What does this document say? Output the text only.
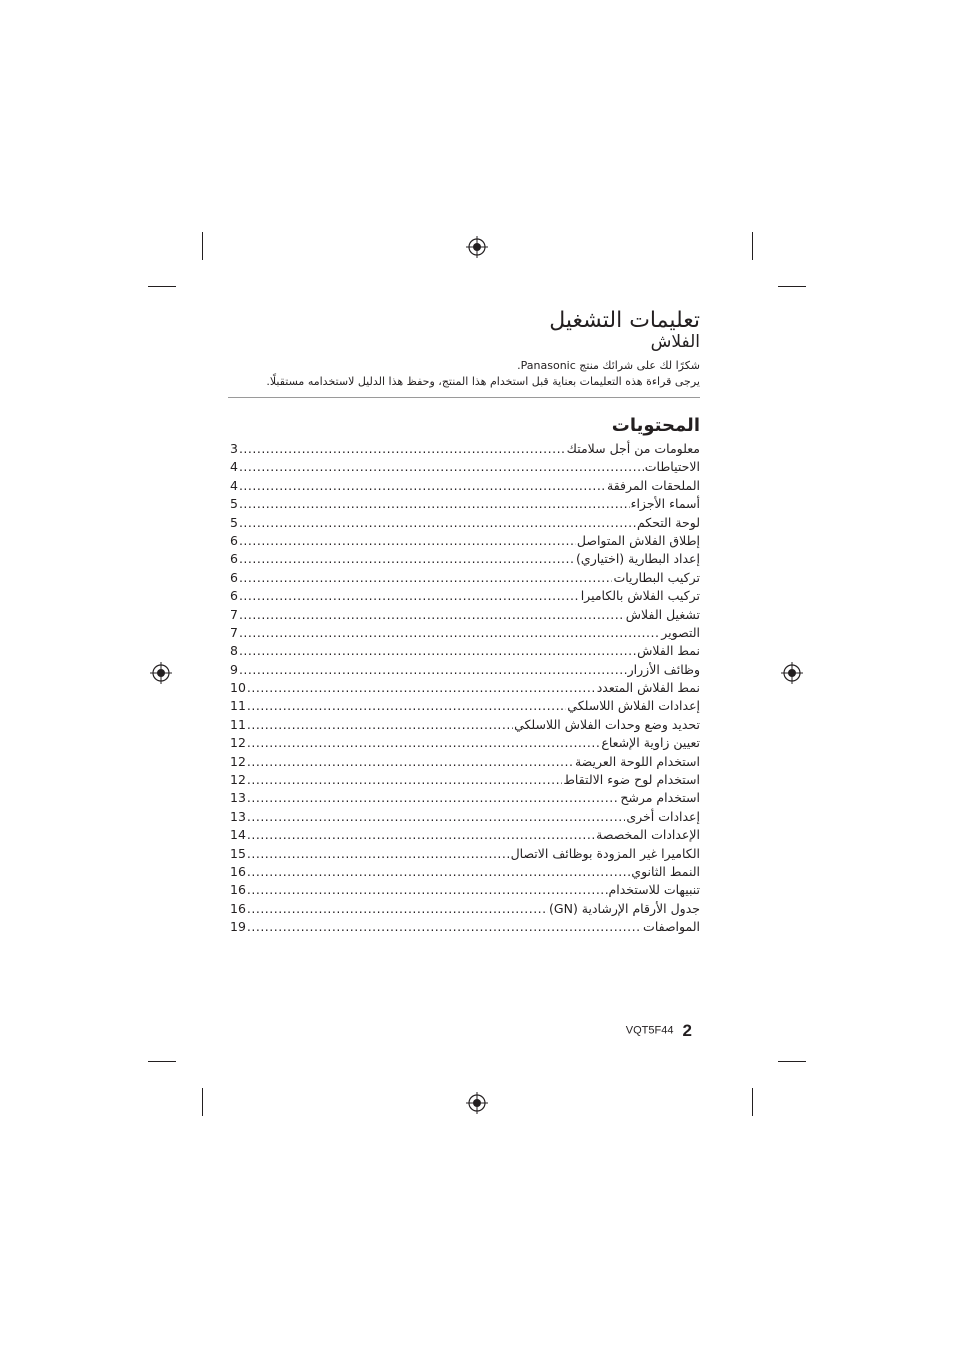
تعليمات التشغيل
الفلاش
شكرًا لك على شرائك منتج Panasonic.
يرجى قراءة هذه التعليمات بعناية قبل استخدام هذا المنتج، وحفظ هذا الدليل لاستخدامه مستقبلًا.
المحتويات
معلومات من أجل سلامتك
.....
3
الاحتياطات
.....
4
الملحقات المرفقة
.....
4
أسماء الأجزاء
.....
5
لوحة التحكم
.....
5
إطلاق الفلاش المتواصل
.....
6
إعداد البطارية (اختياري)
.....
6
تركيب البطاريات
.....
6
تركيب الفلاش بالكاميرا
.....
6
تشغيل الفلاش
.....
7
التصوير
.....
7
نمط الفلاش
.....
8
وظائف الأزرار
.....
9
نمط الفلاش المتعدد
.....
10
إعدادات الفلاش اللاسلكي
.....
11
تحديد وضع وحدات الفلاش اللاسلكي
.....
11
تعيين زاوية الإشعاع
.....
12
استخدام اللوحة العريضة
.....
12
استخدام لوح ضوء الالتقاط
.....
12
استخدام مرشح
.....
13
إعدادات أخرى
.....
13
الإعدادات المخصصة
.....
14
الكاميرا غير المزودة بوظائف الاتصال
.....
15
النمط الثانوي
.....
16
تنبيهات للاستخدام
.....
16
جدول الأرقام الإرشادية (GN)
.....
16
المواصفات
.....
19
VQT5F44 2
